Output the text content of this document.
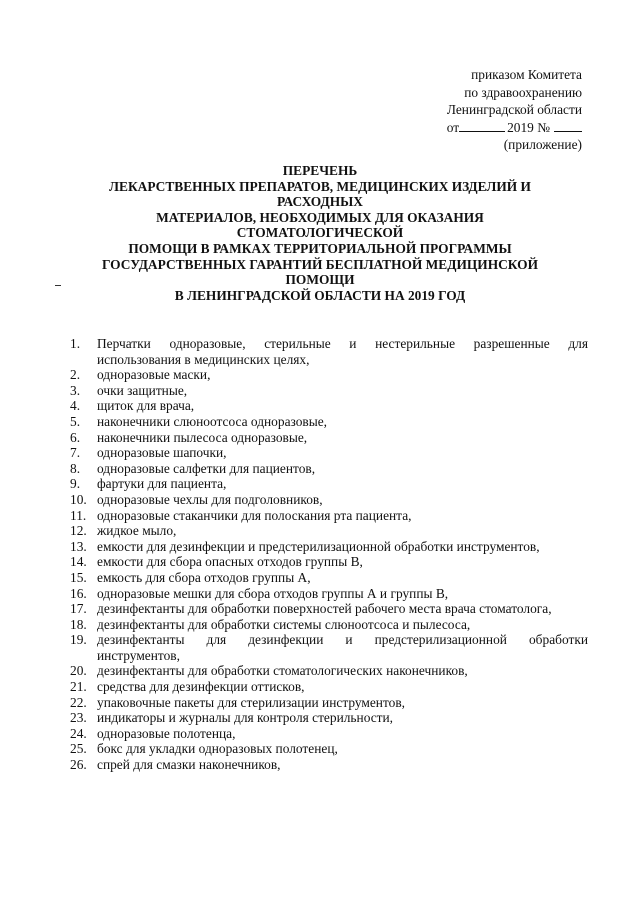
приказом Комитета
по здравоохранению
Ленинградской области
от	2019 №
(приложение)
ПЕРЕЧЕНЬ
ЛЕКАРСТВЕННЫХ ПРЕПАРАТОВ, МЕДИЦИНСКИХ ИЗДЕЛИЙ И
РАСХОДНЫХ
МАТЕРИАЛОВ, НЕОБХОДИМЫХ ДЛЯ ОКАЗАНИЯ
СТОМАТОЛОГИЧЕСКОЙ
ПОМОЩИ В РАМКАХ ТЕРРИТОРИАЛЬНОЙ ПРОГРАММЫ
ГОСУДАРСТВЕННЫХ ГАРАНТИЙ БЕСПЛАТНОЙ МЕДИЦИНСКОЙ
ПОМОЩИ
В ЛЕНИНГРАДСКОЙ ОБЛАСТИ НА 2019 ГОД
1.	Перчатки одноразовые, стерильные и нестерильные разрешенные для
использования в медицинских целях,
2.	одноразовые маски,
3.	очки защитные,
4.	щиток для врача,
5.	наконечники слюноотсоса одноразовые,
6.	наконечники пылесоса одноразовые,
7.	одноразовые шапочки,
8.	одноразовые салфетки для пациентов,
9.	фартуки для пациента,
10. одноразовые чехлы для подголовников,
11. одноразовые стаканчики для полоскания рта пациента,
12. жидкое мыло,
13. емкости для дезинфекции и предстерилизационной обработки инструментов,
14. емкости для сбора опасных отходов группы В,
15. емкость для сбора отходов группы А,
16. одноразовые мешки для сбора отходов группы А и группы В,
17. дезинфектанты для обработки поверхностей рабочего места врача стоматолога,
18. дезинфектанты для обработки системы слюноотсоса и пылесоса,
19. дезинфектанты для дезинфекции и предстерилизационной обработки
инструментов,
20. дезинфектанты для обработки стоматологических наконечников,
21. средства для дезинфекции оттисков,
22. упаковочные пакеты для стерилизации инструментов,
23. индикаторы и журналы для контроля стерильности,
24. одноразовые полотенца,
25. бокс для укладки одноразовых полотенец,
26. спрей для смазки наконечников,
